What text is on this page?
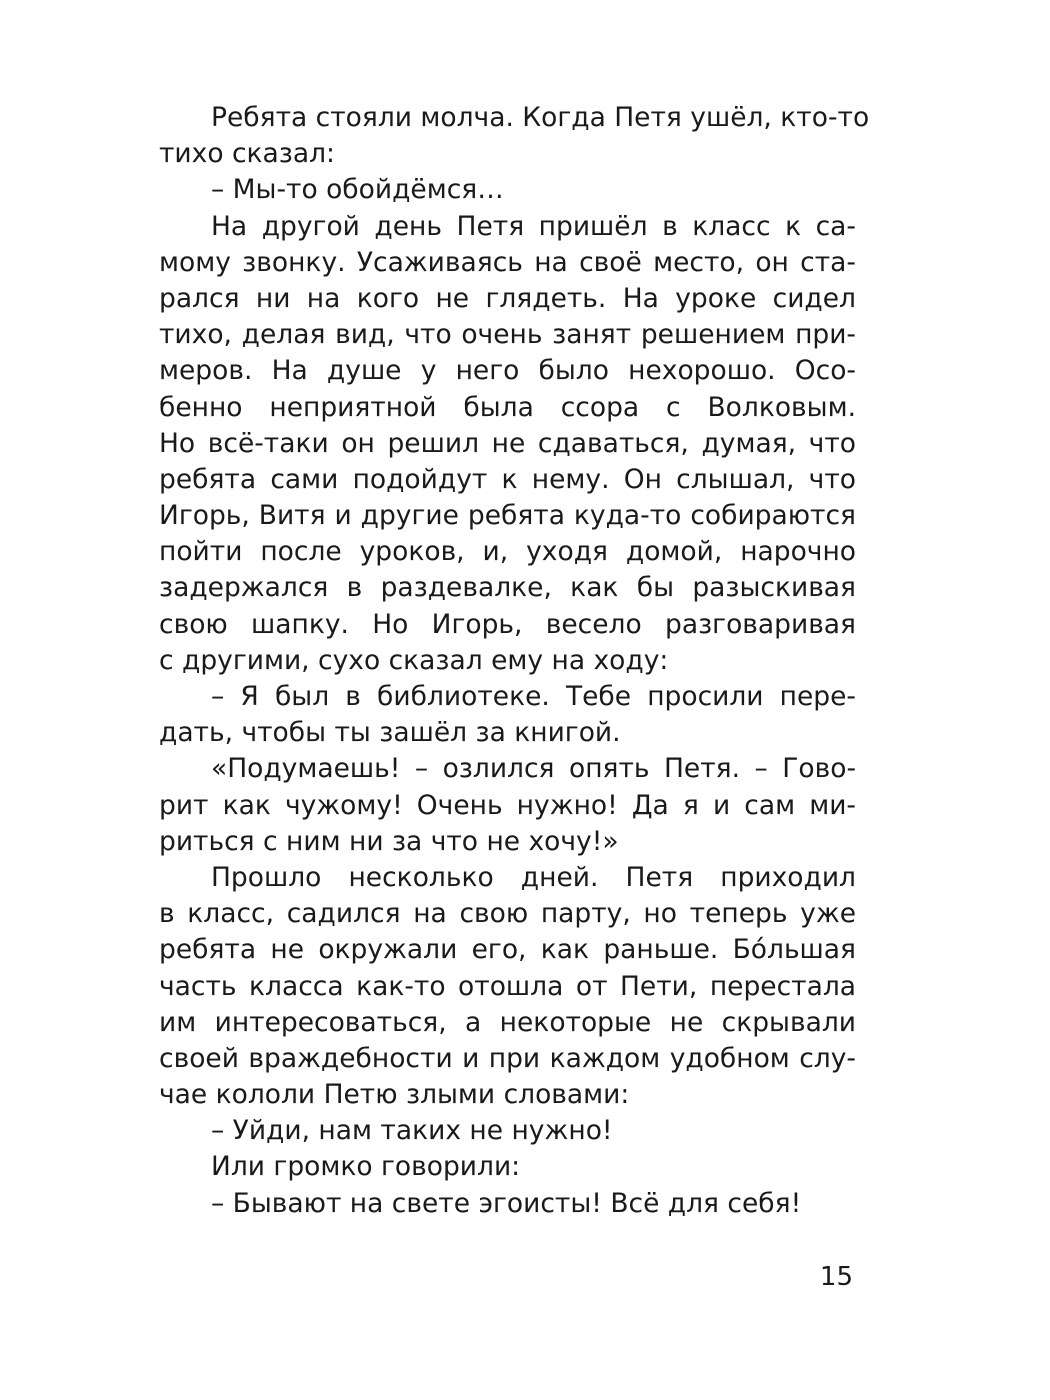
Ребята стояли молча. Когда Петя ушёл, кто-то
тихо сказал:
– Мы-то обойдёмся…
На другой день Петя пришёл в класс к са-
мому звонку. Усаживаясь на своё место, он ста-
рался ни на кого не глядеть. На уроке сидел
тихо, делая вид, что очень занят решением при-
меров. На душе у него было нехорошо. Осо-
бенно неприятной была ссора с Волковым.
Но всё-таки он решил не сдаваться, думая, что
ребята сами подойдут к нему. Он слышал, что
Игорь, Витя и другие ребята куда-то собираются
пойти после уроков, и, уходя домой, нарочно
задержался в раздевалке, как бы разыскивая
свою шапку. Но Игорь, весело разговаривая
с другими, сухо сказал ему на ходу:
– Я был в библиотеке. Тебе просили пере-
дать, чтобы ты зашёл за книгой.
«Подумаешь! – озлился опять Петя. – Гово-
рит как чужому! Очень нужно! Да я и сам ми-
риться с ним ни за что не хочу!»
Прошло несколько дней. Петя приходил
в класс, садился на свою парту, но теперь уже
ребята не окружали его, как раньше. Бóльшая
часть класса как-то отошла от Пети, перестала
им интересоваться, а некоторые не скрывали
своей враждебности и при каждом удобном слу-
чае кололи Петю злыми словами:
– Уйди, нам таких не нужно!
Или громко говорили:
– Бывают на свете эгоисты! Всё для себя!
15
